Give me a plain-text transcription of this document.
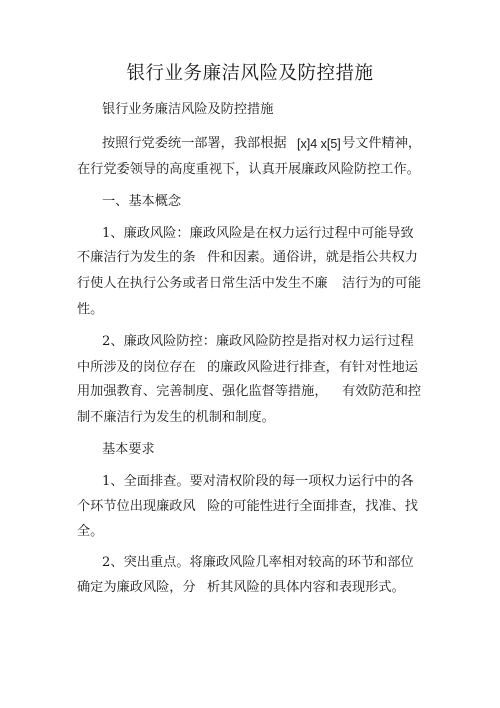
银行业务廉洁风险及防控措施
银行业务廉洁风险及防控措施
按照行党委统一部署，我部根据 [x]4 x[5] 号文件精神，
在行党委领导的高度重视下，认真开展廉政风险防控工作。
一、基本概念
1、廉政风险：廉政风险是在权力运行过程中可能导致
不廉洁行为发生的条 件和因素。通俗讲，就是指公共权力
行使人在执行公务或者日常生活中发生不廉 洁行为的可能
性。
2、廉政风险防控：廉政风险防控是指对权力运行过程
中所涉及的岗位存在 的廉政风险进行排查，有针对性地运
用加强教育、完善制度、强化监督等措施， 有效防范和控
制不廉洁行为发生的机制和制度。
基本要求
1、全面排查。要对清权阶段的每一项权力运行中的各
个环节位出现廉政风 险的可能性进行全面排查，找准、找
全。
2、突出重点。将廉政风险几率相对较高的环节和部位
确定为廉政风险，分 析其风险的具体内容和表现形式。
